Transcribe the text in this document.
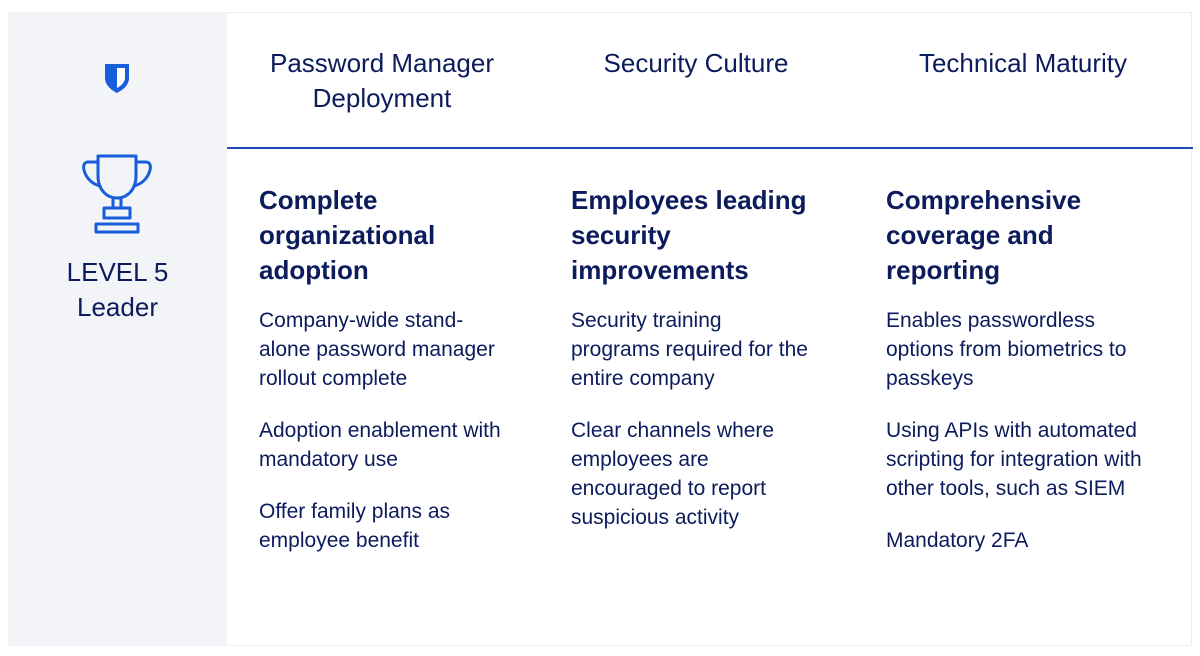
LEVEL 5
Leader
Password Manager
Deployment
Security Culture	Technical Maturity
Complete organizational adoption
Company-wide stand-alone password manager rollout complete
Adoption enablement with mandatory use
Offer family plans as employee benefit
Employees leading security improvements
Security training programs required for the entire company
Clear channels where employees are encouraged to report suspicious activity
Comprehensive coverage and reporting
Enables passwordless options from biometrics to passkeys
Using APIs with automated scripting for integration with other tools, such as SIEM
Mandatory 2FA
